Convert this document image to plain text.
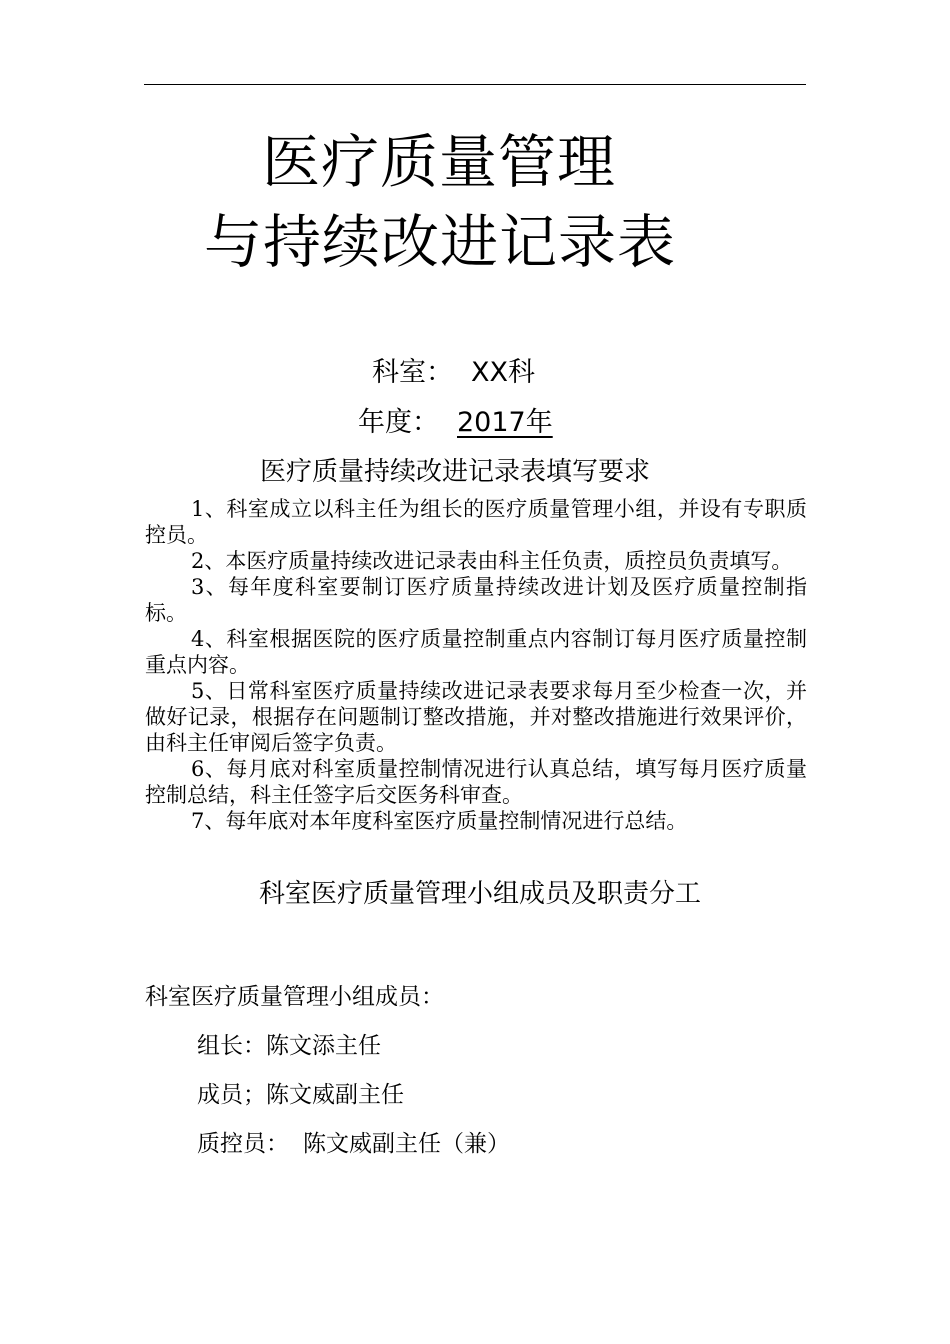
医疗质量管理
与持续改进记录表
科室： XX科
年度： 2017年
医疗质量持续改进记录表填写要求

1、科室成立以科主任为组长的医疗质量管理小组，并设有专职质控员。

2、本医疗质量持续改进记录表由科主任负责，质控员负责填写。

3、每年度科室要制订医疗质量持续改进计划及医疗质量控制指标。

4、科室根据医院的医疗质量控制重点内容制订每月医疗质量控制重点内容。

5、日常科室医疗质量持续改进记录表要求每月至少检查一次，并做好记录，根据存在问题制订整改措施，并对整改措施进行效果评价，由科主任审阅后签字负责。

6、每月底对科室质量控制情况进行认真总结，填写每月医疗质量控制总结，科主任签字后交医务科审查。

7、每年底对本年度科室医疗质量控制情况进行总结。

科室医疗质量管理小组成员及职责分工
科室医疗质量管理小组成员：
组长：陈文添主任
成员；陈文威副主任
质控员： 陈文威副主任（兼）
